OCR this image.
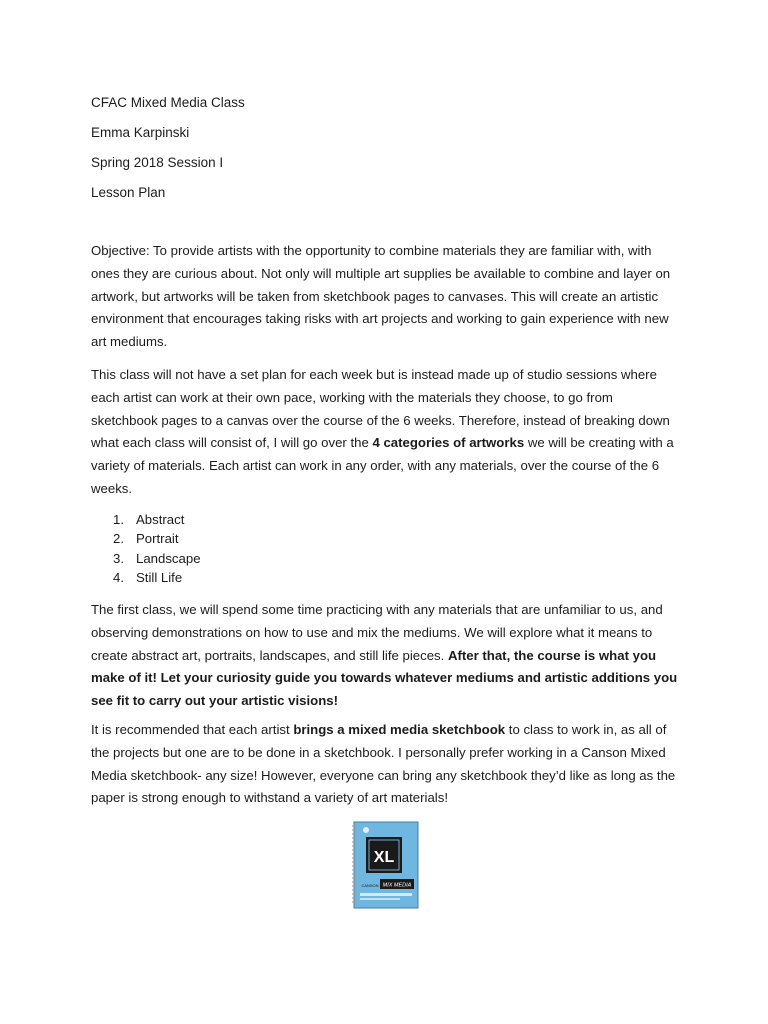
CFAC Mixed Media Class

Emma Karpinski

Spring 2018 Session I

Lesson Plan

Objective: To provide artists with the opportunity to combine materials they are familiar with, with ones they are curious about. Not only will multiple art supplies be available to combine and layer on artwork, but artworks will be taken from sketchbook pages to canvases. This will create an artistic environment that encourages taking risks with art projects and working to gain experience with new art mediums.

This class will not have a set plan for each week but is instead made up of studio sessions where each artist can work at their own pace, working with the materials they choose, to go from sketchbook pages to a canvas over the course of the 6 weeks. Therefore, instead of breaking down what each class will consist of, I will go over the 4 categories of artworks we will be creating with a variety of materials. Each artist can work in any order, with any materials, over the course of the 6 weeks.

1. Abstract
2. Portrait
3. Landscape
4. Still Life

The first class, we will spend some time practicing with any materials that are unfamiliar to us, and observing demonstrations on how to use and mix the mediums. We will explore what it means to create abstract art, portraits, landscapes, and still life pieces. After that, the course is what you make of it! Let your curiosity guide you towards whatever mediums and artistic additions you see fit to carry out your artistic visions!

It is recommended that each artist brings a mixed media sketchbook to class to work in, as all of the projects but one are to be done in a sketchbook. I personally prefer working in a Canson Mixed Media sketchbook- any size! However, everyone can bring any sketchbook they’d like as long as the paper is strong enough to withstand a variety of art materials!

XL
MIX MEDIA
CANSON
